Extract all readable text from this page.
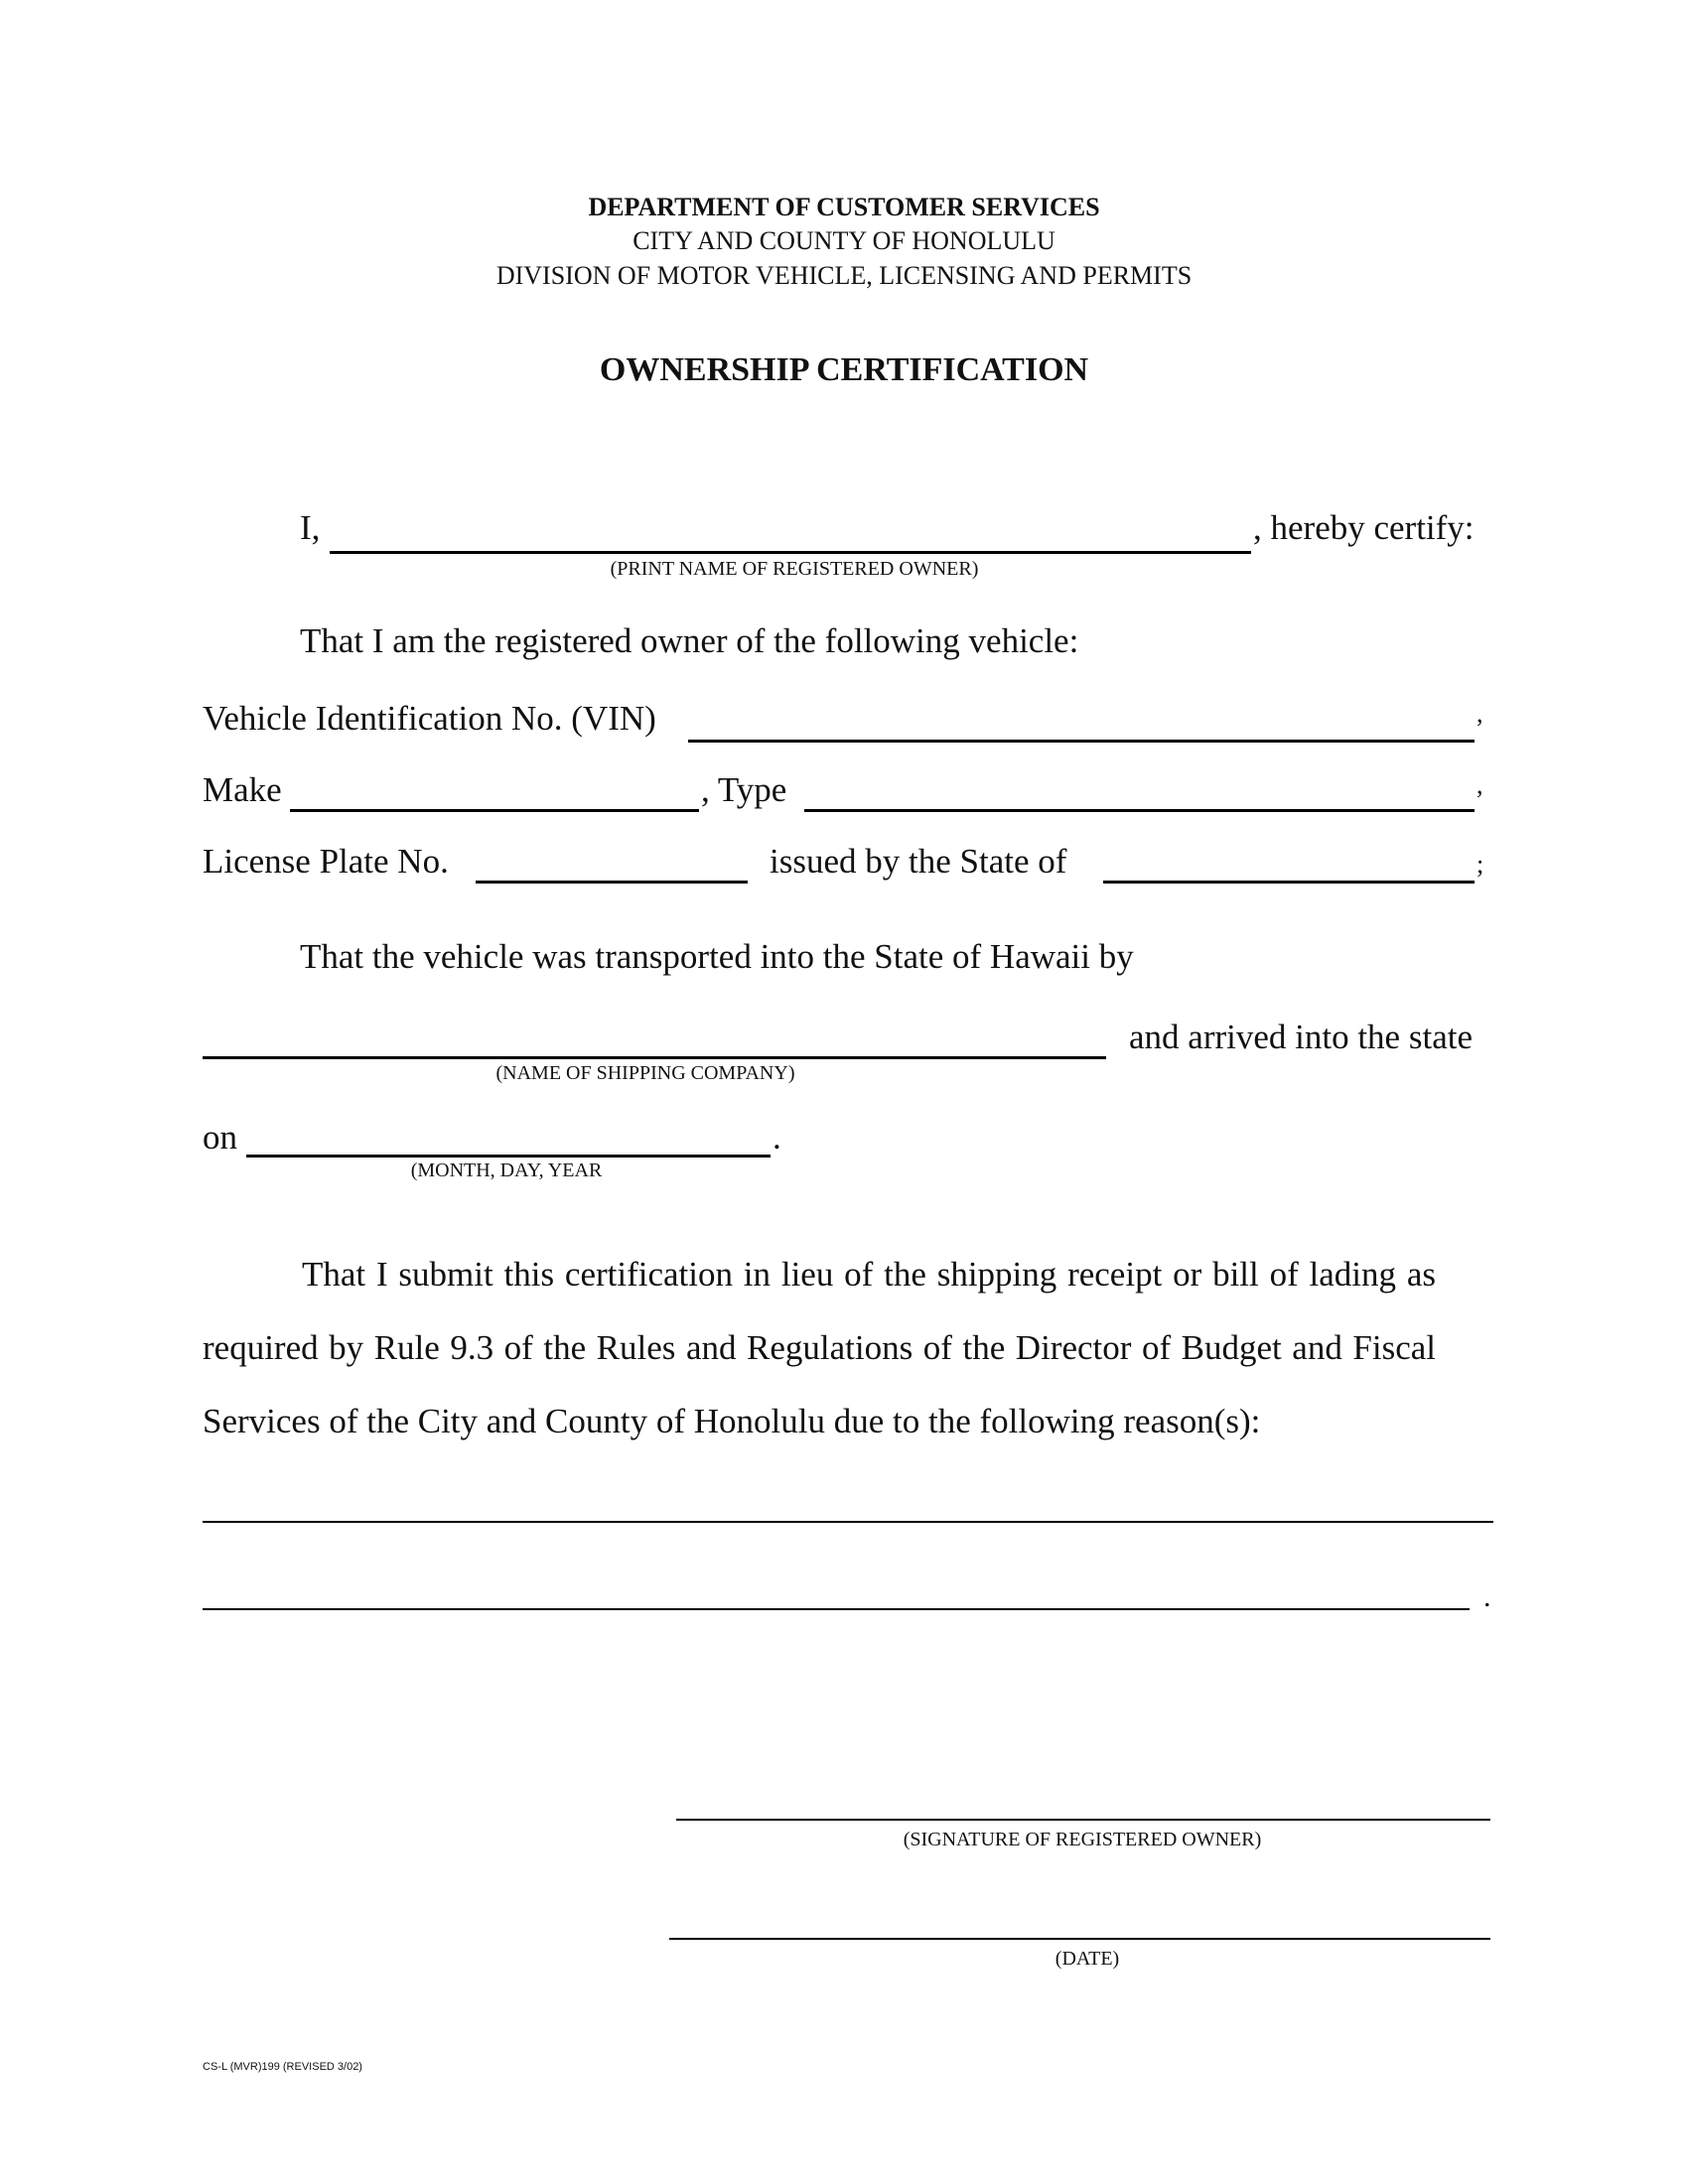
DEPARTMENT OF CUSTOMER SERVICES
CITY AND COUNTY OF HONOLULU
DIVISION OF MOTOR VEHICLE, LICENSING AND PERMITS
OWNERSHIP CERTIFICATION
I,	, hereby certify:
(PRINT NAME OF REGISTERED OWNER)
That I am the registered owner of the following vehicle:
Vehicle Identification No. (VIN)	,
Make	, Type	,
License Plate No.	issued by the State of	;
That the vehicle was transported into the State of Hawaii by
and arrived into the state
(NAME OF SHIPPING COMPANY)
on	.
(MONTH, DAY, YEAR
That I submit this certification in lieu of the shipping receipt or bill of lading as required by Rule 9.3 of the Rules and Regulations of the Director of Budget and Fiscal Services of the City and County of Honolulu due to the following reason(s):
.
(SIGNATURE OF REGISTERED OWNER)
(DATE)
CS-L (MVR)199 (REVISED 3/02)
